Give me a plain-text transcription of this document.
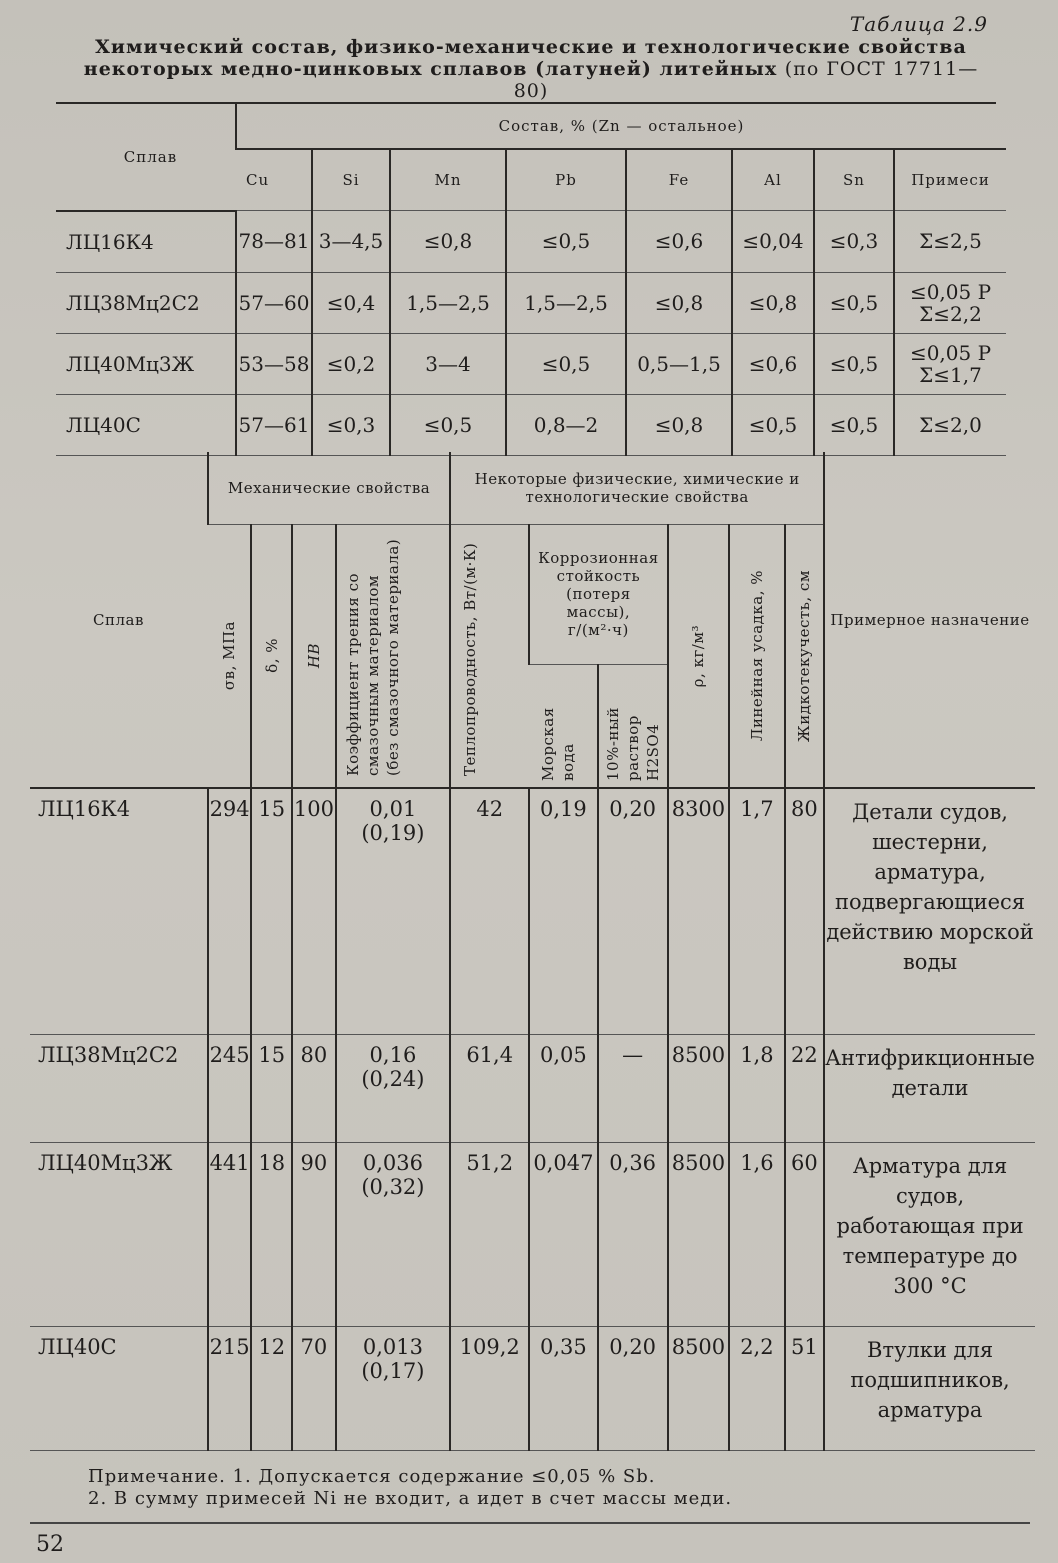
Таблица 2.9
Химический состав, физико-механические и технологические свойства некоторых медно-цинковых сплавов (латуней) литейных (по ГОСТ 17711—80)
Сплав	Состав, % (Zn — остальное)							
	Cu	Si	Mn	Pb	Fe	Al	Sn	Примеси
ЛЦ16К4	78—81	3—4,5	≤0,8	≤0,5	≤0,6	≤0,04	≤0,3	Σ≤2,5
ЛЦ38Мц2С2	57—60	≤0,4	1,5—2,5	1,5—2,5	≤0,8	≤0,8	≤0,5	≤0,05 P Σ≤2,2
ЛЦ40Мц3Ж	53—58	≤0,2	3—4	≤0,5	0,5—1,5	≤0,6	≤0,5	≤0,05 P Σ≤1,7
ЛЦ40С	57—61	≤0,3	≤0,5	0,8—2	≤0,8	≤0,5	≤0,5	Σ≤2,0
Сплав	Механические свойства				Некоторые физические, химические и технологические свойства						Примерное назначение

	σв, МПа	δ, %	HB	Коэффициент трения со смазочным материалом (без смазочного материала)	Теплопроводность, Вт/(м·К)	Коррозионная стойкость (потеря массы), г/(м²·ч)		ρ, кг/м³	Линейная усадка, %	Жидкотекучесть, см	

						Морская вода	10%-ный раствор H2SO4				

ЛЦ16К4	294	15	100	0,01 (0,19)	42	0,19	0,20	8300	1,7	80	Детали судов, шестерни, арматура, подвергающиеся действию морской воды
ЛЦ38Мц2С2	245	15	80	0,16 (0,24)	61,4	0,05	—	8500	1,8	22	Антифрикционные детали
ЛЦ40Мц3Ж	441	18	90	0,036 (0,32)	51,2	0,047	0,36	8500	1,6	60	Арматура для судов, работающая при температуре до 300 °С
ЛЦ40С	215	12	70	0,013 (0,17)	109,2	0,35	0,20	8500	2,2	51	Втулки для подшипников, арматура
Примечание. 1. Допускается содержание ≤0,05 % Sb.
2. В сумму примесей Ni не входит, а идет в счет массы меди.
52
